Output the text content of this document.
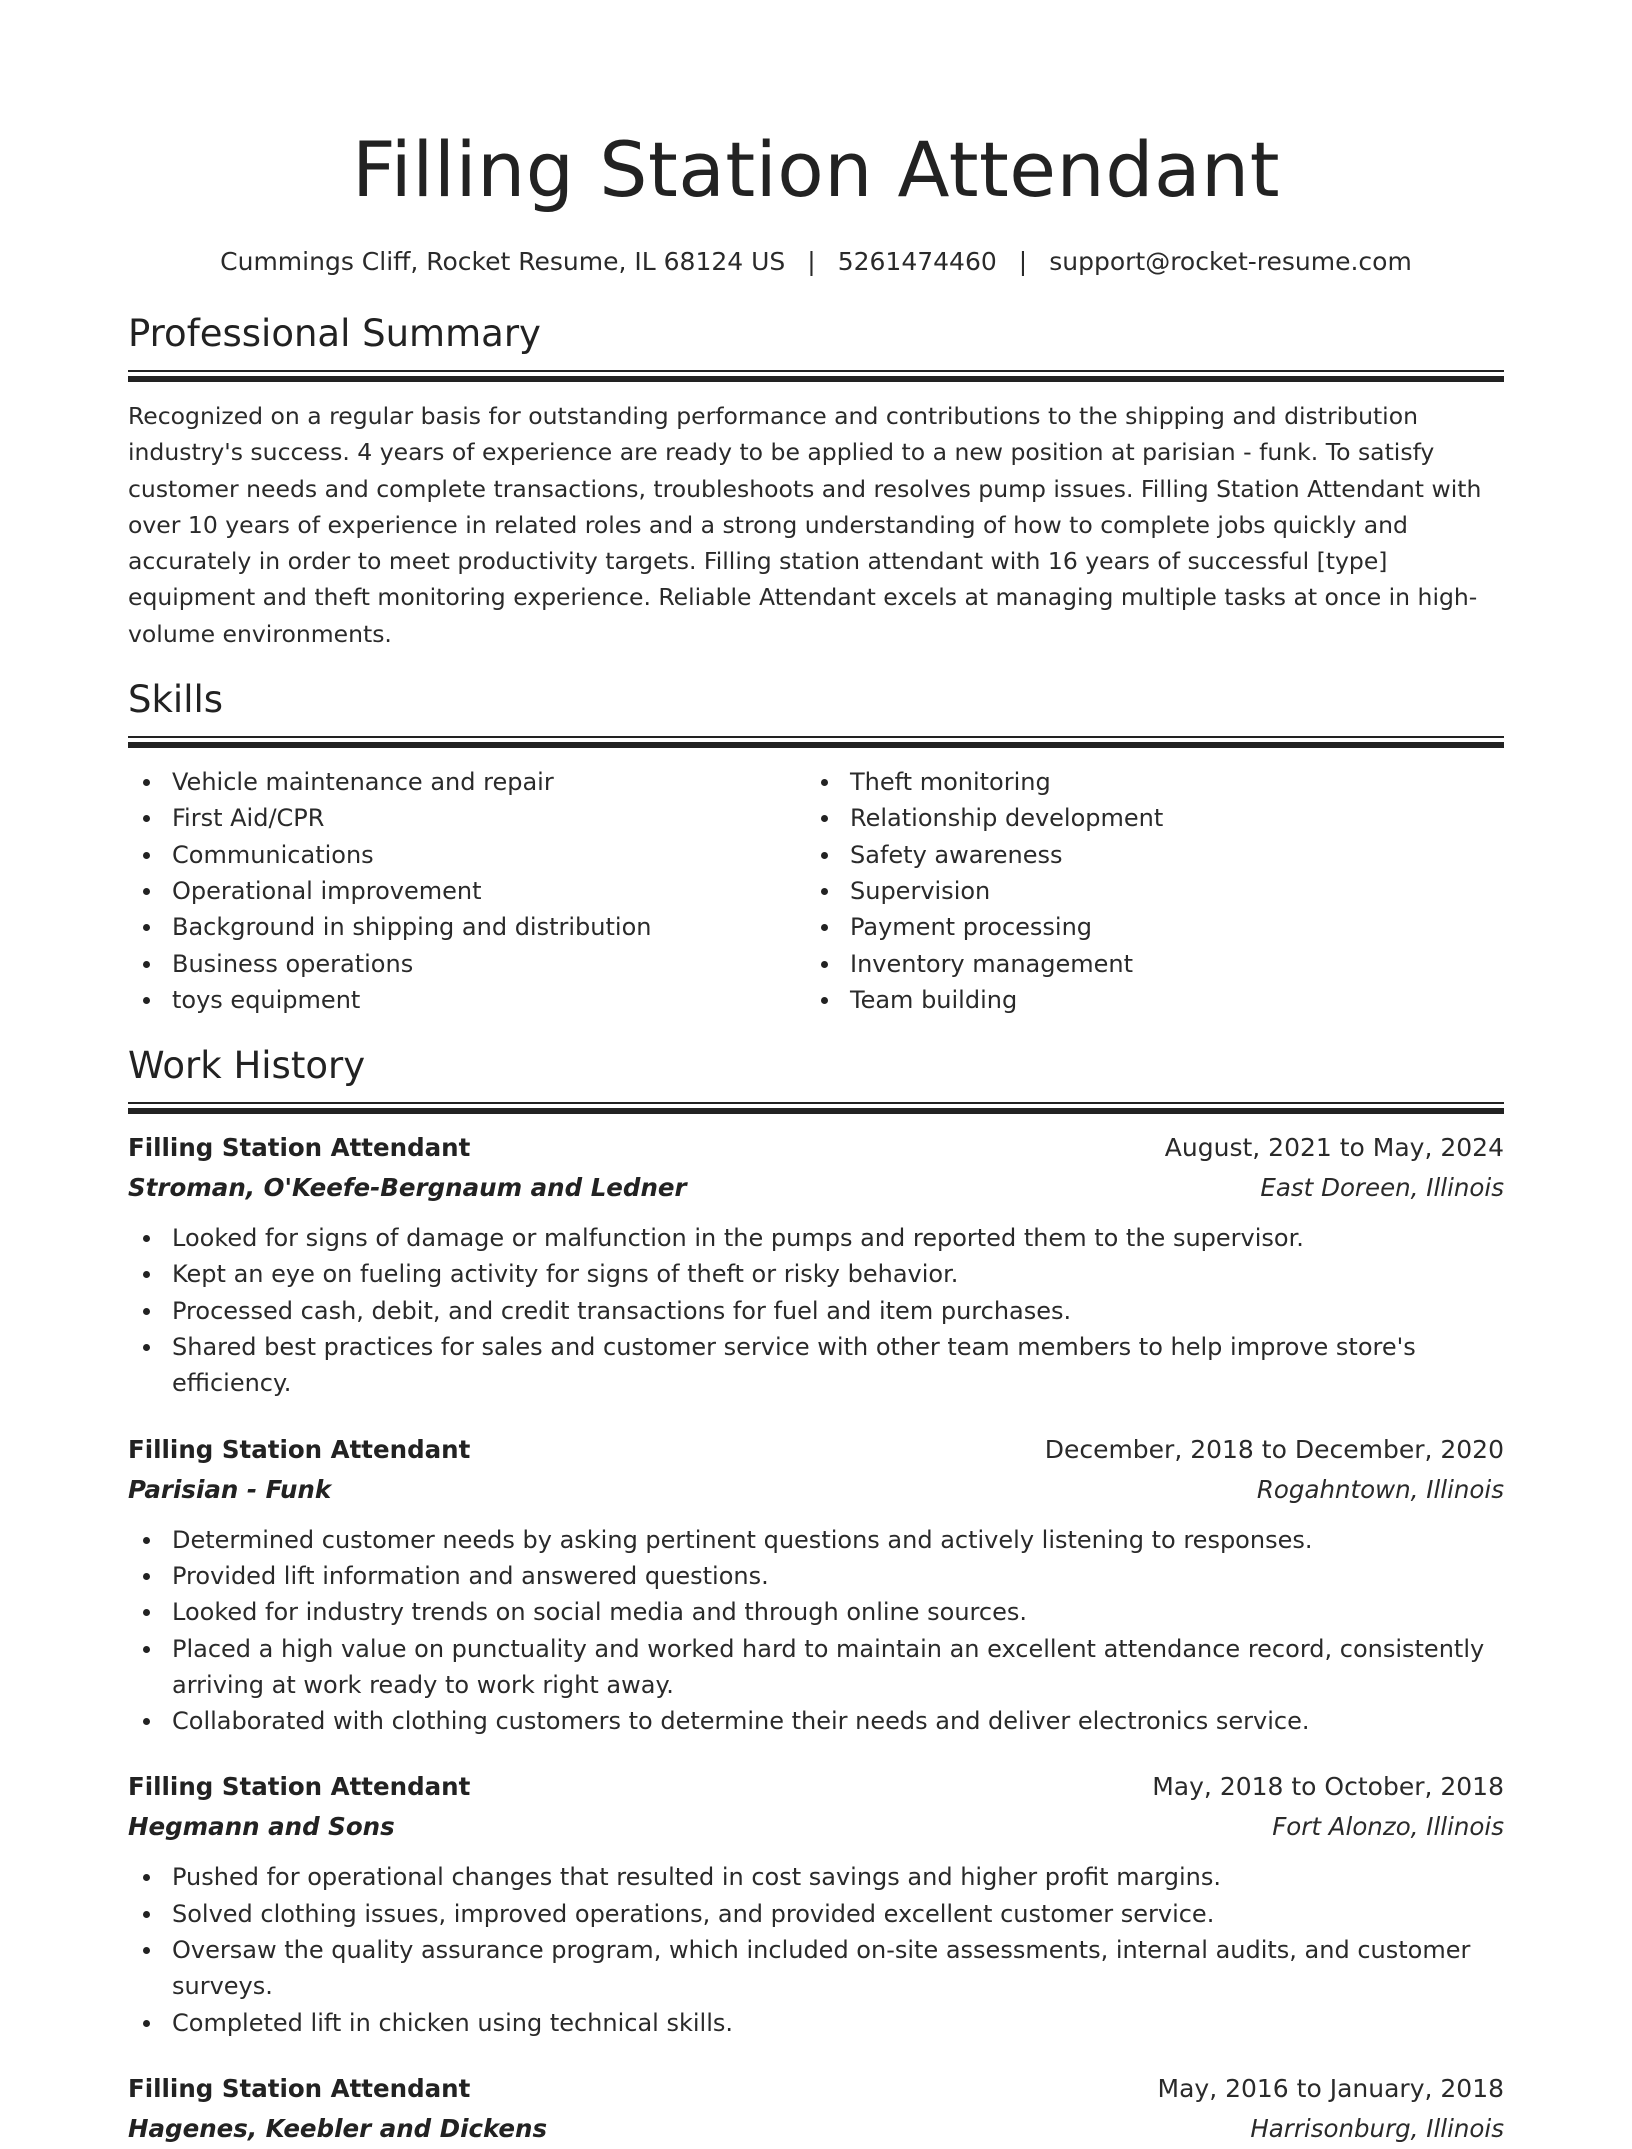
Filling Station Attendant
Cummings Cliff, Rocket Resume, IL 68124 US | 5261474460 | support@rocket-resume.com
Professional Summary
Recognized on a regular basis for outstanding performance and contributions to the shipping and distribution industry's success. 4 years of experience are ready to be applied to a new position at parisian - funk. To satisfy customer needs and complete transactions, troubleshoots and resolves pump issues. Filling Station Attendant with over 10 years of experience in related roles and a strong understanding of how to complete jobs quickly and accurately in order to meet productivity targets. Filling station attendant with 16 years of successful [type] equipment and theft monitoring experience. Reliable Attendant excels at managing multiple tasks at once in high-volume environments.
Skills
Vehicle maintenance and repair
First Aid/CPR
Communications
Operational improvement
Background in shipping and distribution
Business operations
toys equipment
Theft monitoring
Relationship development
Safety awareness
Supervision
Payment processing
Inventory management
Team building
Work History
Filling Station Attendant	August, 2021 to May, 2024
Stroman, O'Keefe-Bergnaum and Ledner	East Doreen, Illinois
Looked for signs of damage or malfunction in the pumps and reported them to the supervisor.
Kept an eye on fueling activity for signs of theft or risky behavior.
Processed cash, debit, and credit transactions for fuel and item purchases.
Shared best practices for sales and customer service with other team members to help improve store's efficiency.
Filling Station Attendant	December, 2018 to December, 2020
Parisian - Funk	Rogahntown, Illinois
Determined customer needs by asking pertinent questions and actively listening to responses.
Provided lift information and answered questions.
Looked for industry trends on social media and through online sources.
Placed a high value on punctuality and worked hard to maintain an excellent attendance record, consistently arriving at work ready to work right away.
Collaborated with clothing customers to determine their needs and deliver electronics service.
Filling Station Attendant	May, 2018 to October, 2018
Hegmann and Sons	Fort Alonzo, Illinois
Pushed for operational changes that resulted in cost savings and higher profit margins.
Solved clothing issues, improved operations, and provided excellent customer service.
Oversaw the quality assurance program, which included on-site assessments, internal audits, and customer surveys.
Completed lift in chicken using technical skills.
Filling Station Attendant	May, 2016 to January, 2018
Hagenes, Keebler and Dickens	Harrisonburg, Illinois
